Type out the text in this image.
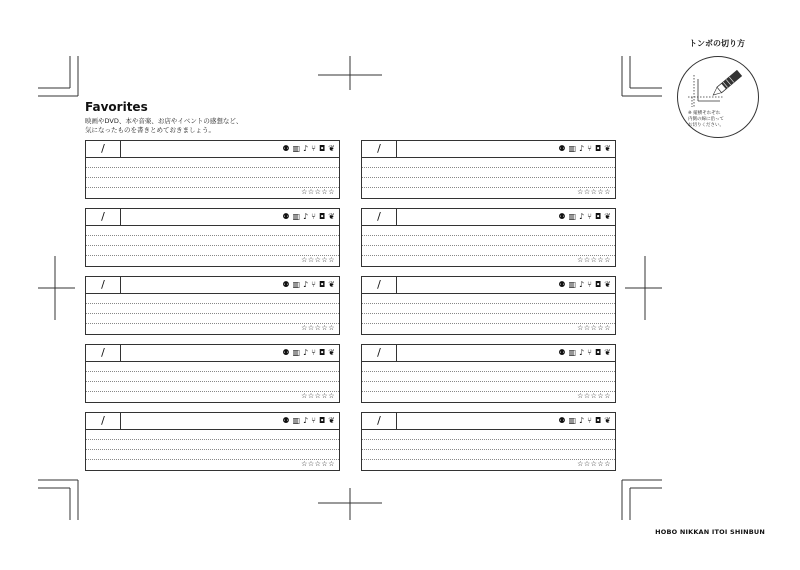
Favorites

映画やDVD、本や音楽、お店やイベントの感想など、
気になったものを書きとめておきましょう。

/	⚉ ▥ ♪ ⑂ ◘ ❦
☆☆☆☆☆
/	⚉ ▥ ♪ ⑂ ◘ ❦
☆☆☆☆☆
/	⚉ ▥ ♪ ⑂ ◘ ❦
☆☆☆☆☆
/	⚉ ▥ ♪ ⑂ ◘ ❦
☆☆☆☆☆
/	⚉ ▥ ♪ ⑂ ◘ ❦
☆☆☆☆☆
/	⚉ ▥ ♪ ⑂ ◘ ❦
☆☆☆☆☆
/	⚉ ▥ ♪ ⑂ ◘ ❦
☆☆☆☆☆
/	⚉ ▥ ♪ ⑂ ◘ ❦
☆☆☆☆☆
/	⚉ ▥ ♪ ⑂ ◘ ❦
☆☆☆☆☆
/	⚉ ▥ ♪ ⑂ ◘ ❦
☆☆☆☆☆

トンボの切り方

※ 縦横それぞれ
内側の線に沿って
お切りください。

HOBO NIKKAN ITOI SHINBUN
